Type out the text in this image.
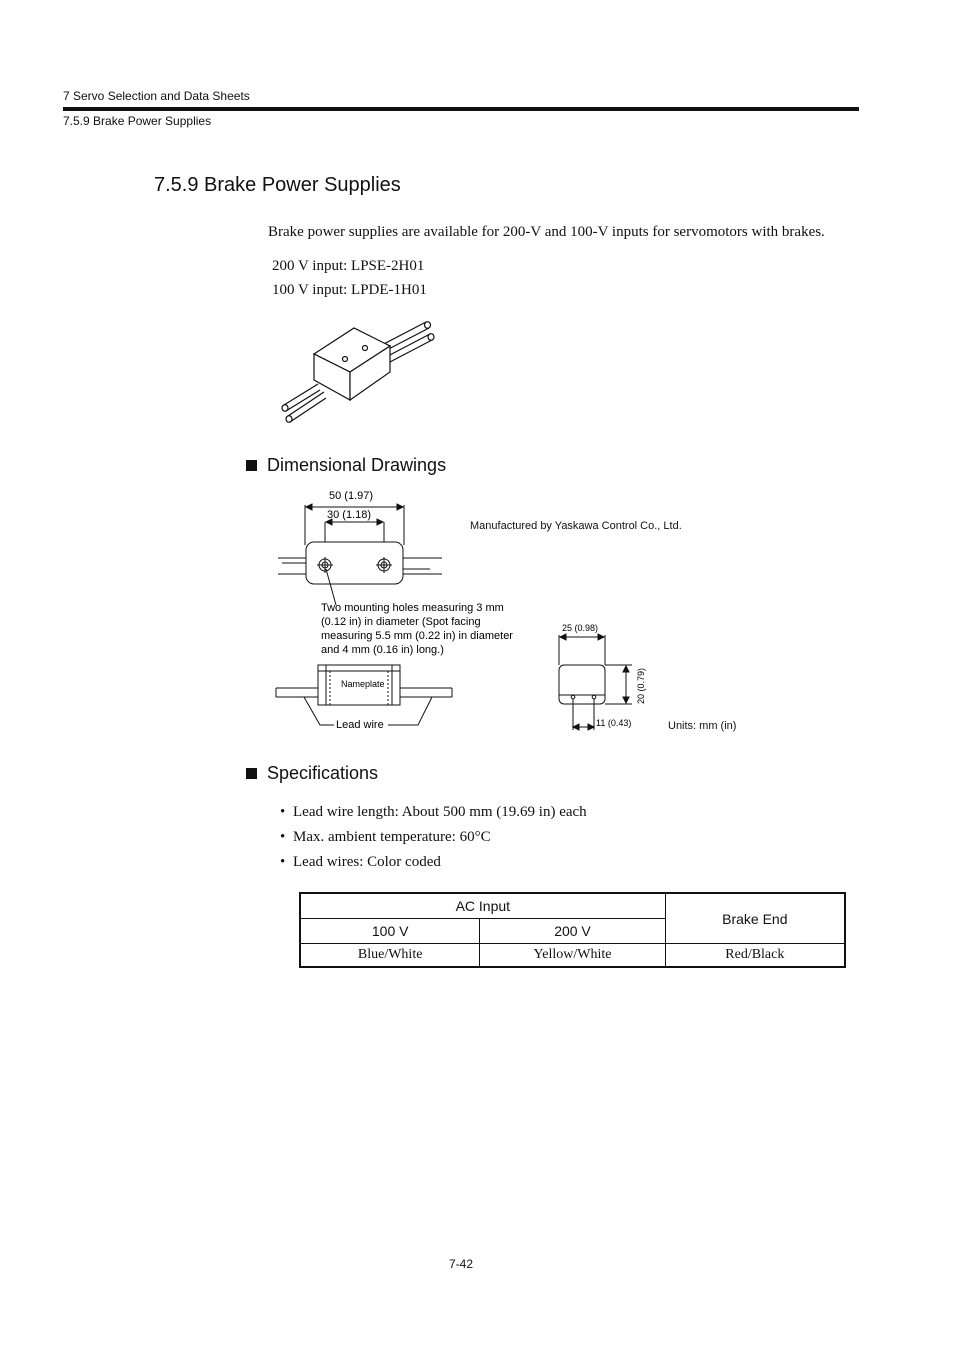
7 Servo Selection and Data Sheets
7.5.9 Brake Power Supplies
7.5.9 Brake Power Supplies
Brake power supplies are available for 200-V and 100-V inputs for servomotors with brakes.
200 V input: LPSE-2H01
100 V input: LPDE-1H01
Dimensional Drawings
50 (1.97)
30 (1.18)
Two mounting holes measuring 3 mm
(0.12 in) in diameter (Spot facing
measuring 5.5 mm (0.22 in) in diameter
and 4 mm (0.16 in) long.)
Nameplate
Lead wire
25 (0.98)
20 (0.79)
11 (0.43)
Manufactured by Yaskawa Control Co., Ltd.
Units: mm (in)
Specifications
• Lead wire length: About 500 mm (19.69 in) each
• Max. ambient temperature: 60°C
• Lead wires: Color coded
AC Input		Brake End
100 V	200 V	
Blue/White	Yellow/White	Red/Black
7-42
